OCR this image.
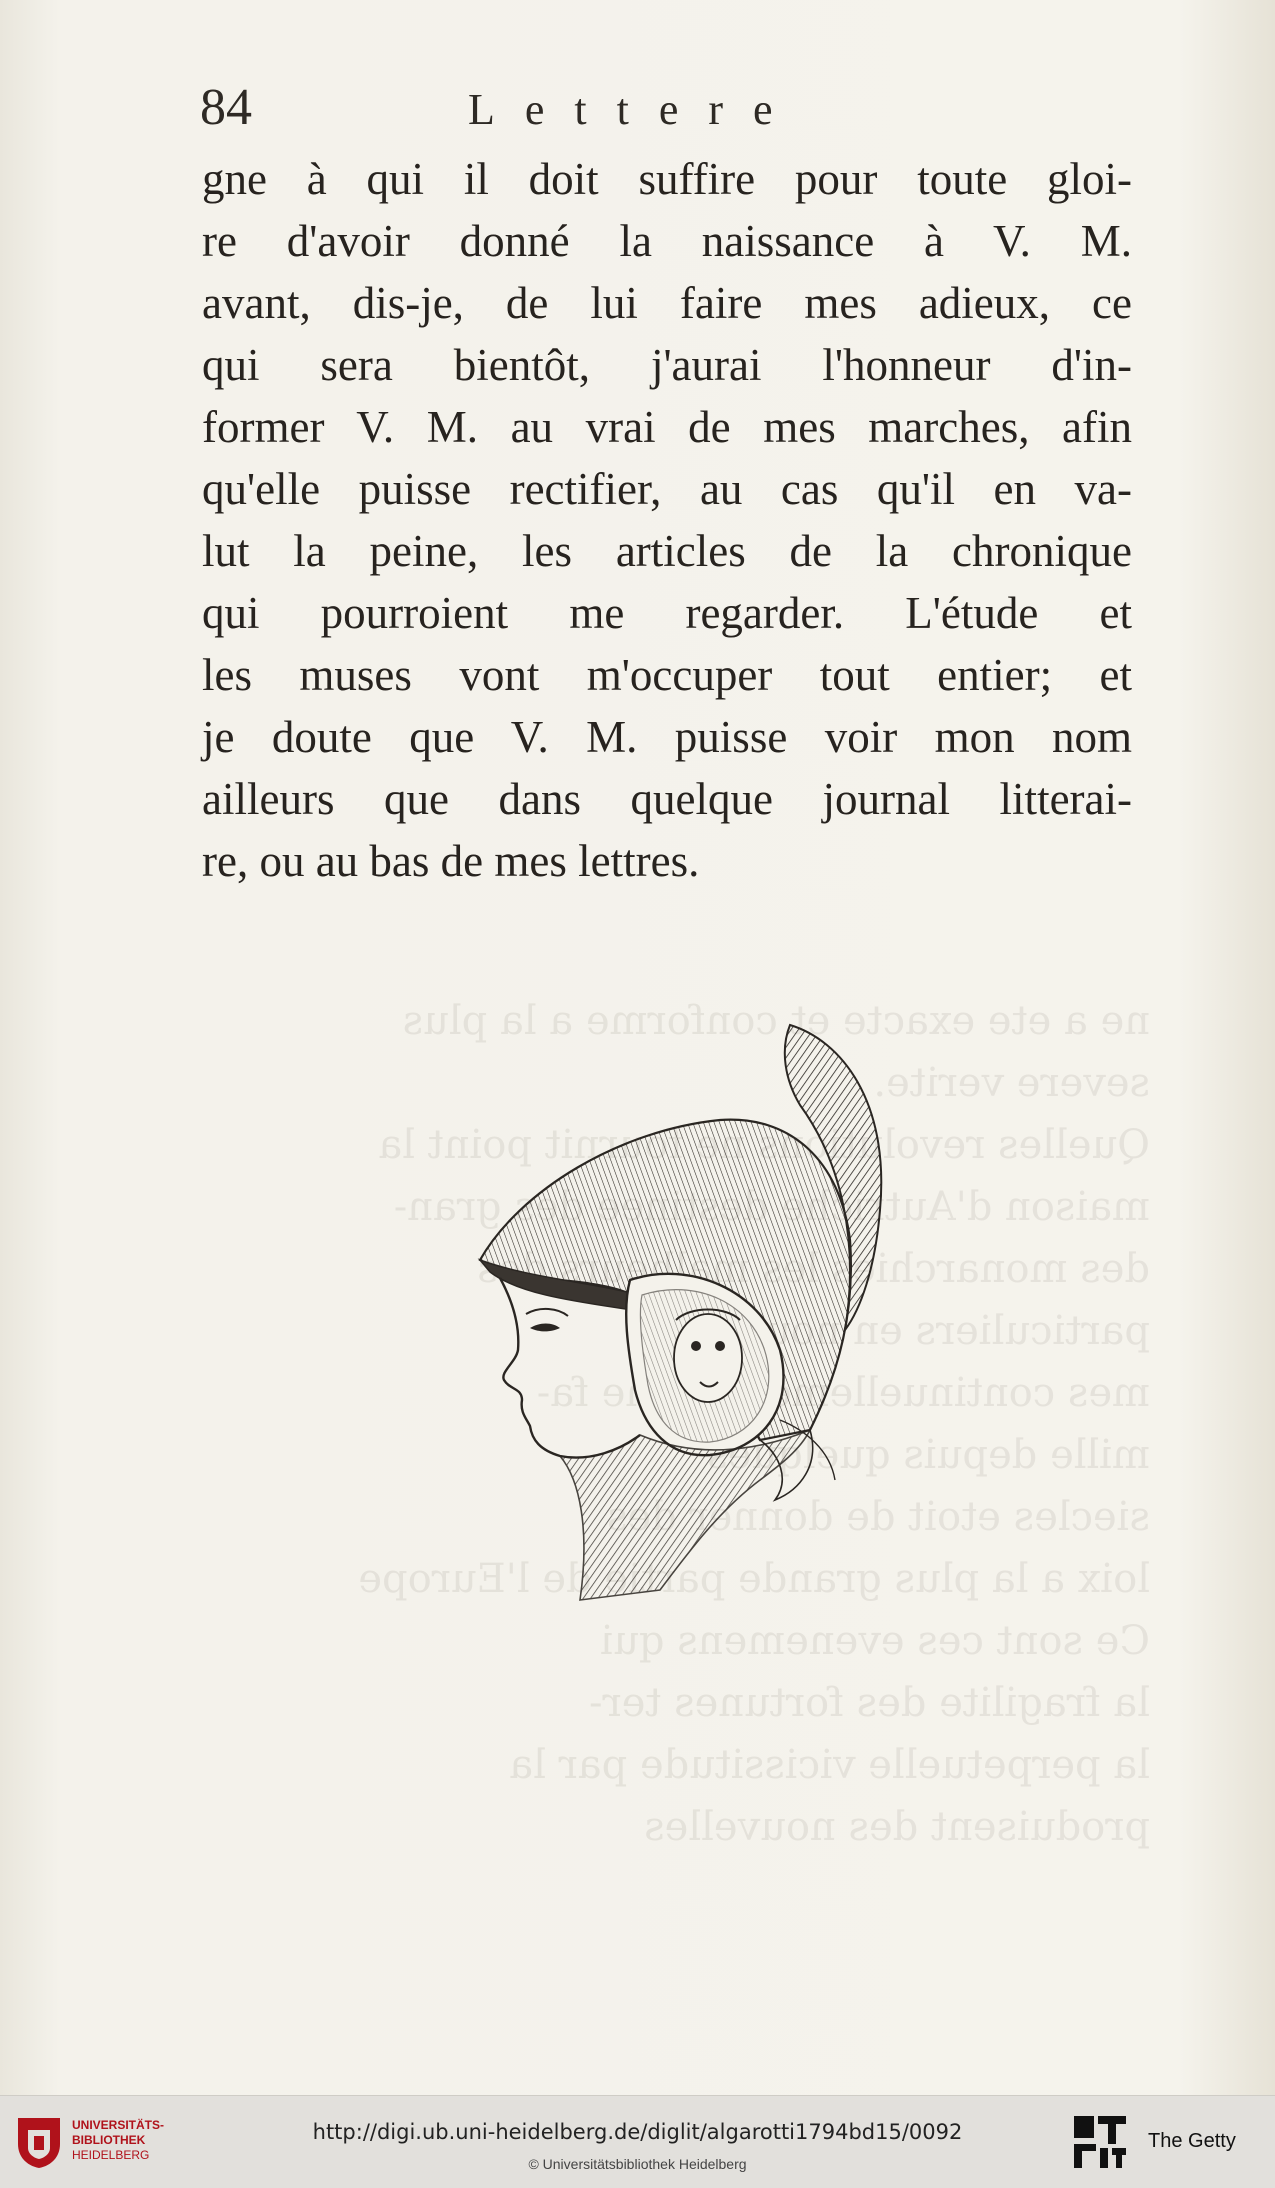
ne a ete exacte et conforme a la plus
severe verite.
Quelles fournit point la
maison d'Autriche gran-
des monarchies
particuliers en nous me-
mes continuellement d'une fa-
mille depuis quelques
siecles etoit de donner des
loix a la plus grande partie de l'Europe
Ce sont ces evenemens qui
la fragilite des fortunes ter-
la perpetuelle vicissitude par la
produisent des nouvelles
84	Lettere
gne à qui il doit suffire pour toute gloi-
re d'avoir donné la naissance à V. M.
avant, dis-je, de lui faire mes adieux, ce
qui sera bientôt, j'aurai l'honneur d'in-
former V. M. au vrai de mes marches, afin
qu'elle puisse rectifier, au cas qu'il en va-
lut la peine, les articles de la chronique
qui pourroient me regarder. L'étude et
les muses vont m'occuper tout entier; et
je doute que V. M. puisse voir mon nom
ailleurs que dans quelque journal litterai-
re, ou au bas de mes lettres.
UNIVERSITÄTS-
BIBLIOTHEK
HEIDELBERG
http://digi.ub.uni-heidelberg.de/diglit/algarotti1794bd15/0092
© Universitätsbibliothek Heidelberg
The Getty
